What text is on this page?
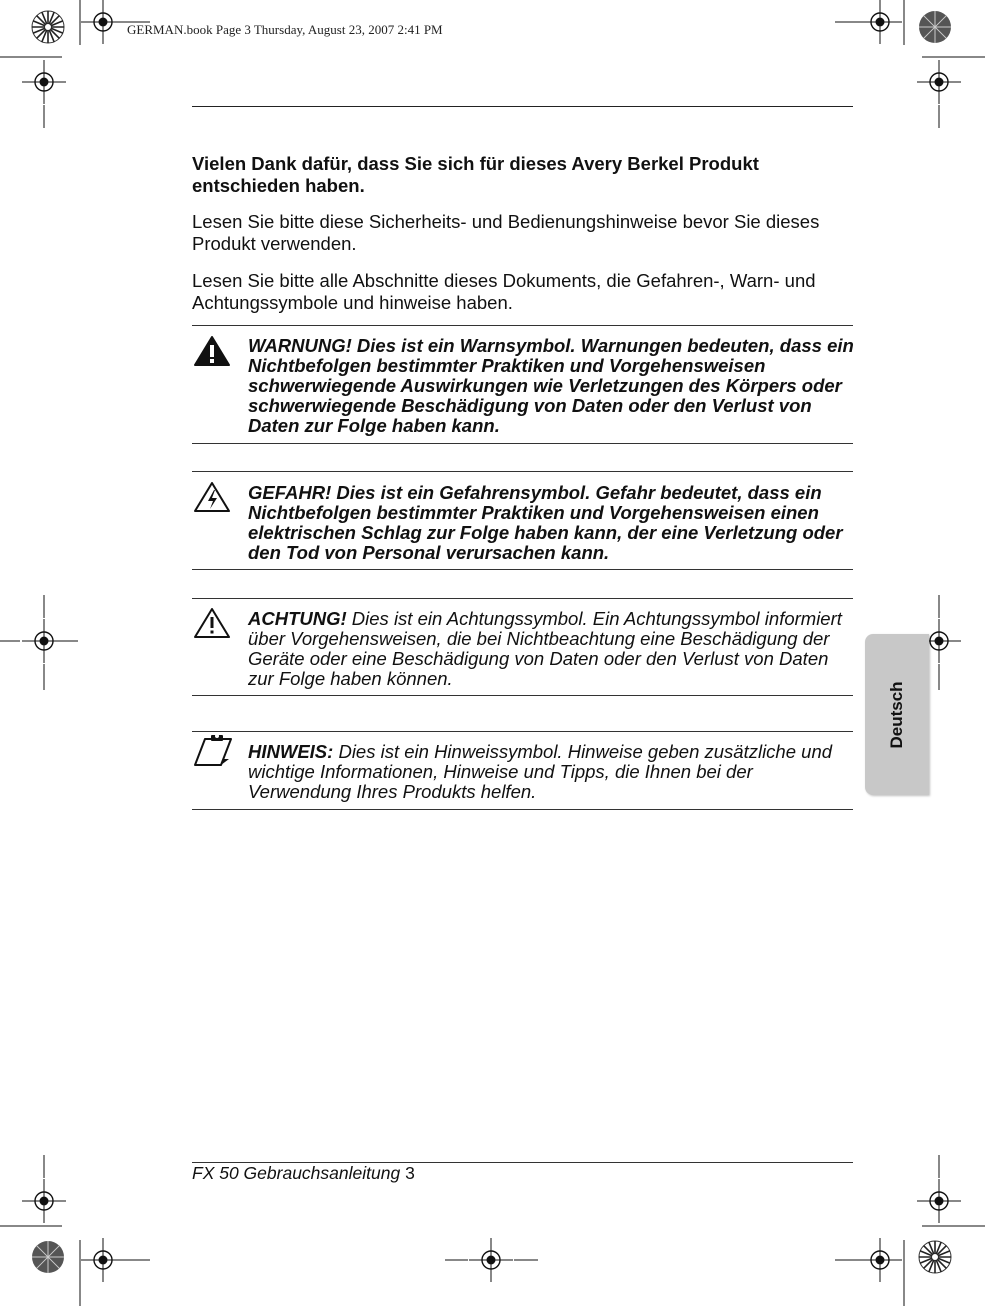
GERMAN.book Page 3 Thursday, August 23, 2007 2:41 PM

Vielen Dank dafür, dass Sie sich für dieses Avery Berkel Produkt entschieden haben.

Lesen Sie bitte diese Sicherheits- und Bedienungshinweise bevor Sie dieses Produkt verwenden.

Lesen Sie bitte alle Abschnitte dieses Dokuments, die Gefahren-, Warn- und Achtungssymbole und hinweise haben.

WARNUNG! Dies ist ein Warnsymbol. Warnungen bedeuten, dass ein Nichtbefolgen bestimmter Praktiken und Vorgehensweisen schwerwiegende Auswirkungen wie Verletzungen des Körpers oder schwerwiegende Beschädigung von Daten oder den Verlust von Daten zur Folge haben kann.

GEFAHR! Dies ist ein Gefahrensymbol. Gefahr bedeutet, dass ein Nichtbefolgen bestimmter Praktiken und Vorgehensweisen einen elektrischen Schlag zur Folge haben kann, der eine Verletzung oder den Tod von Personal verursachen kann.

ACHTUNG! Dies ist ein Achtungssymbol. Ein Achtungssymbol informiert über Vorgehensweisen, die bei Nichtbeachtung eine Beschädigung der Geräte oder eine Beschädigung von Daten oder den Verlust von Daten zur Folge haben können.

HINWEIS: Dies ist ein Hinweissymbol. Hinweise geben zusätzliche und wichtige Informationen, Hinweise und Tipps, die Ihnen bei der Verwendung Ihres Produkts helfen.

Deutsch
FX 50 Gebrauchsanleitung 3
